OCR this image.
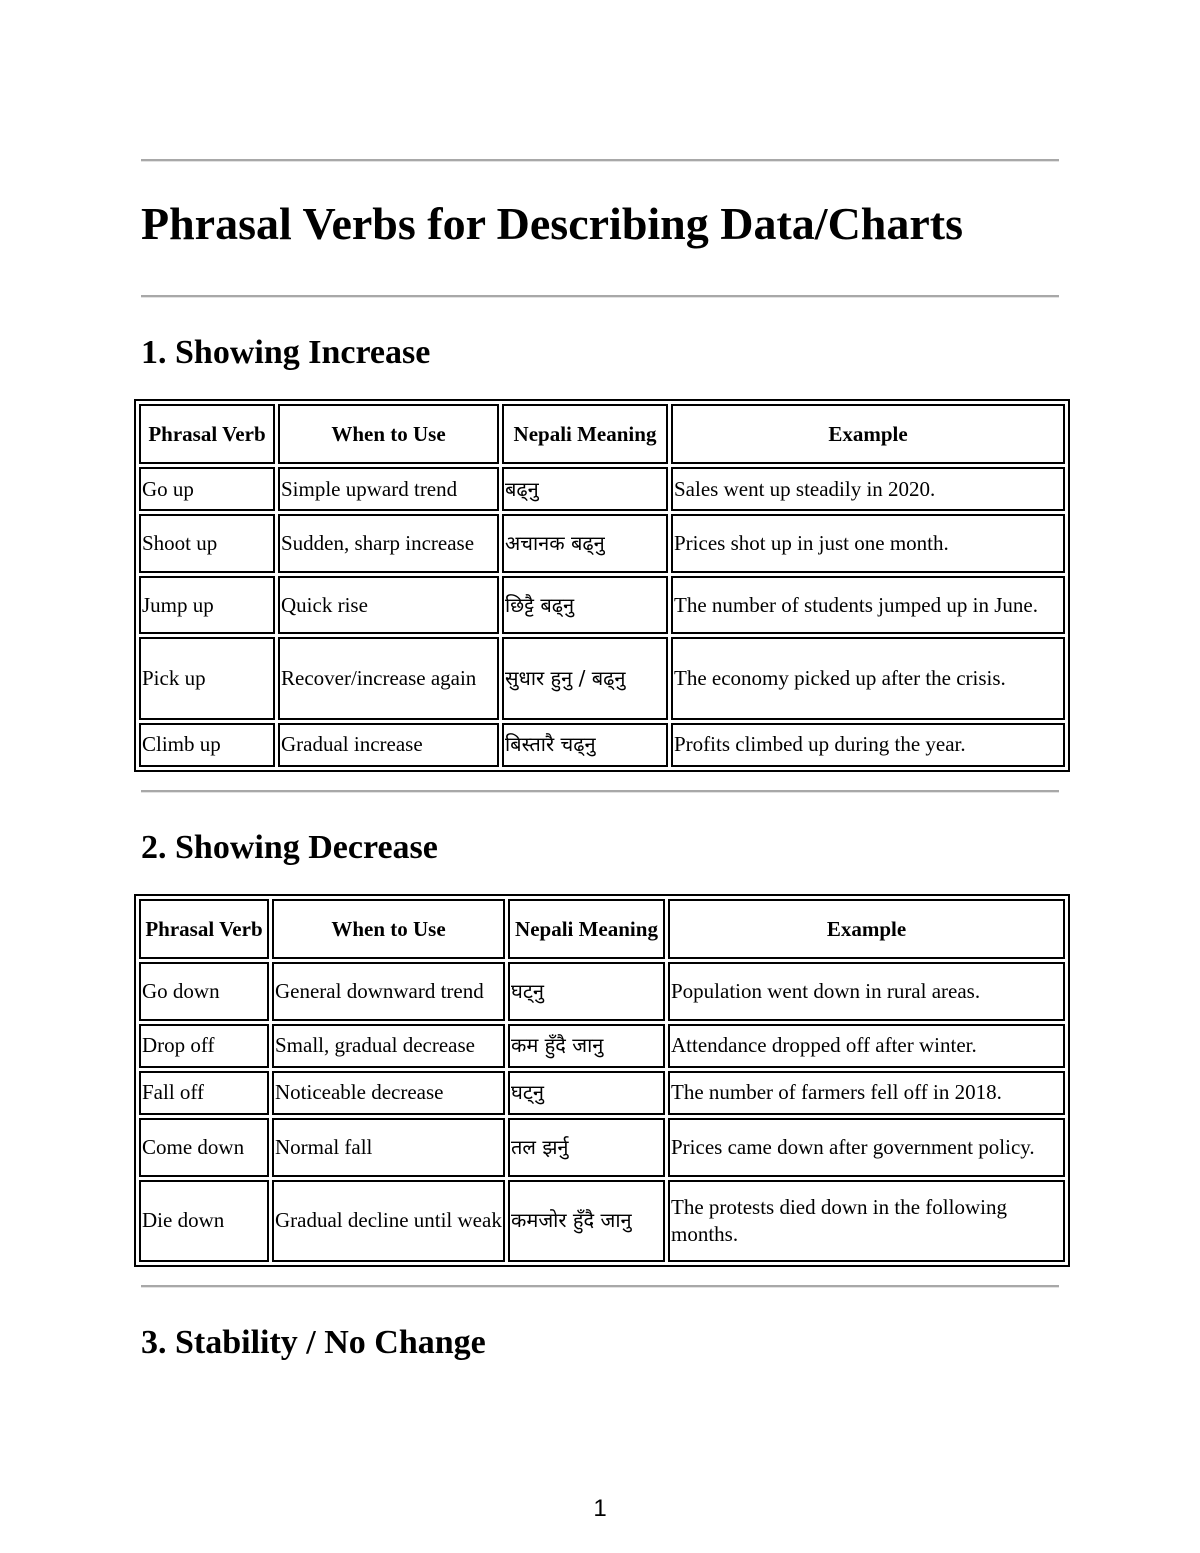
Phrasal Verbs for Describing Data/Charts
1. Showing Increase
Phrasal Verb	When to Use	Nepali Meaning	Example
Go up	Simple upward trend	बढ्नु	Sales went up steadily in 2020.
Shoot up	Sudden, sharp increase	अचानक बढ्नु	Prices shot up in just one month.
Jump up	Quick rise	छिट्टै बढ्नु	The number of students jumped up in June.
Pick up	Recover/increase again	सुधार हुनु / बढ्नु	The economy picked up after the crisis.
Climb up	Gradual increase	बिस्तारै चढ्नु	Profits climbed up during the year.
2. Showing Decrease
Phrasal Verb	When to Use	Nepali Meaning	Example
Go down	General downward trend	घट्नु	Population went down in rural areas.
Drop off	Small, gradual decrease	कम हुँदै जानु	Attendance dropped off after winter.
Fall off	Noticeable decrease	घट्नु	The number of farmers fell off in 2018.
Come down	Normal fall	तल झर्नु	Prices came down after government policy.
Die down	Gradual decline until weak	कमजोर हुँदै जानु	The protests died down in the following months.
3. Stability / No Change
1
